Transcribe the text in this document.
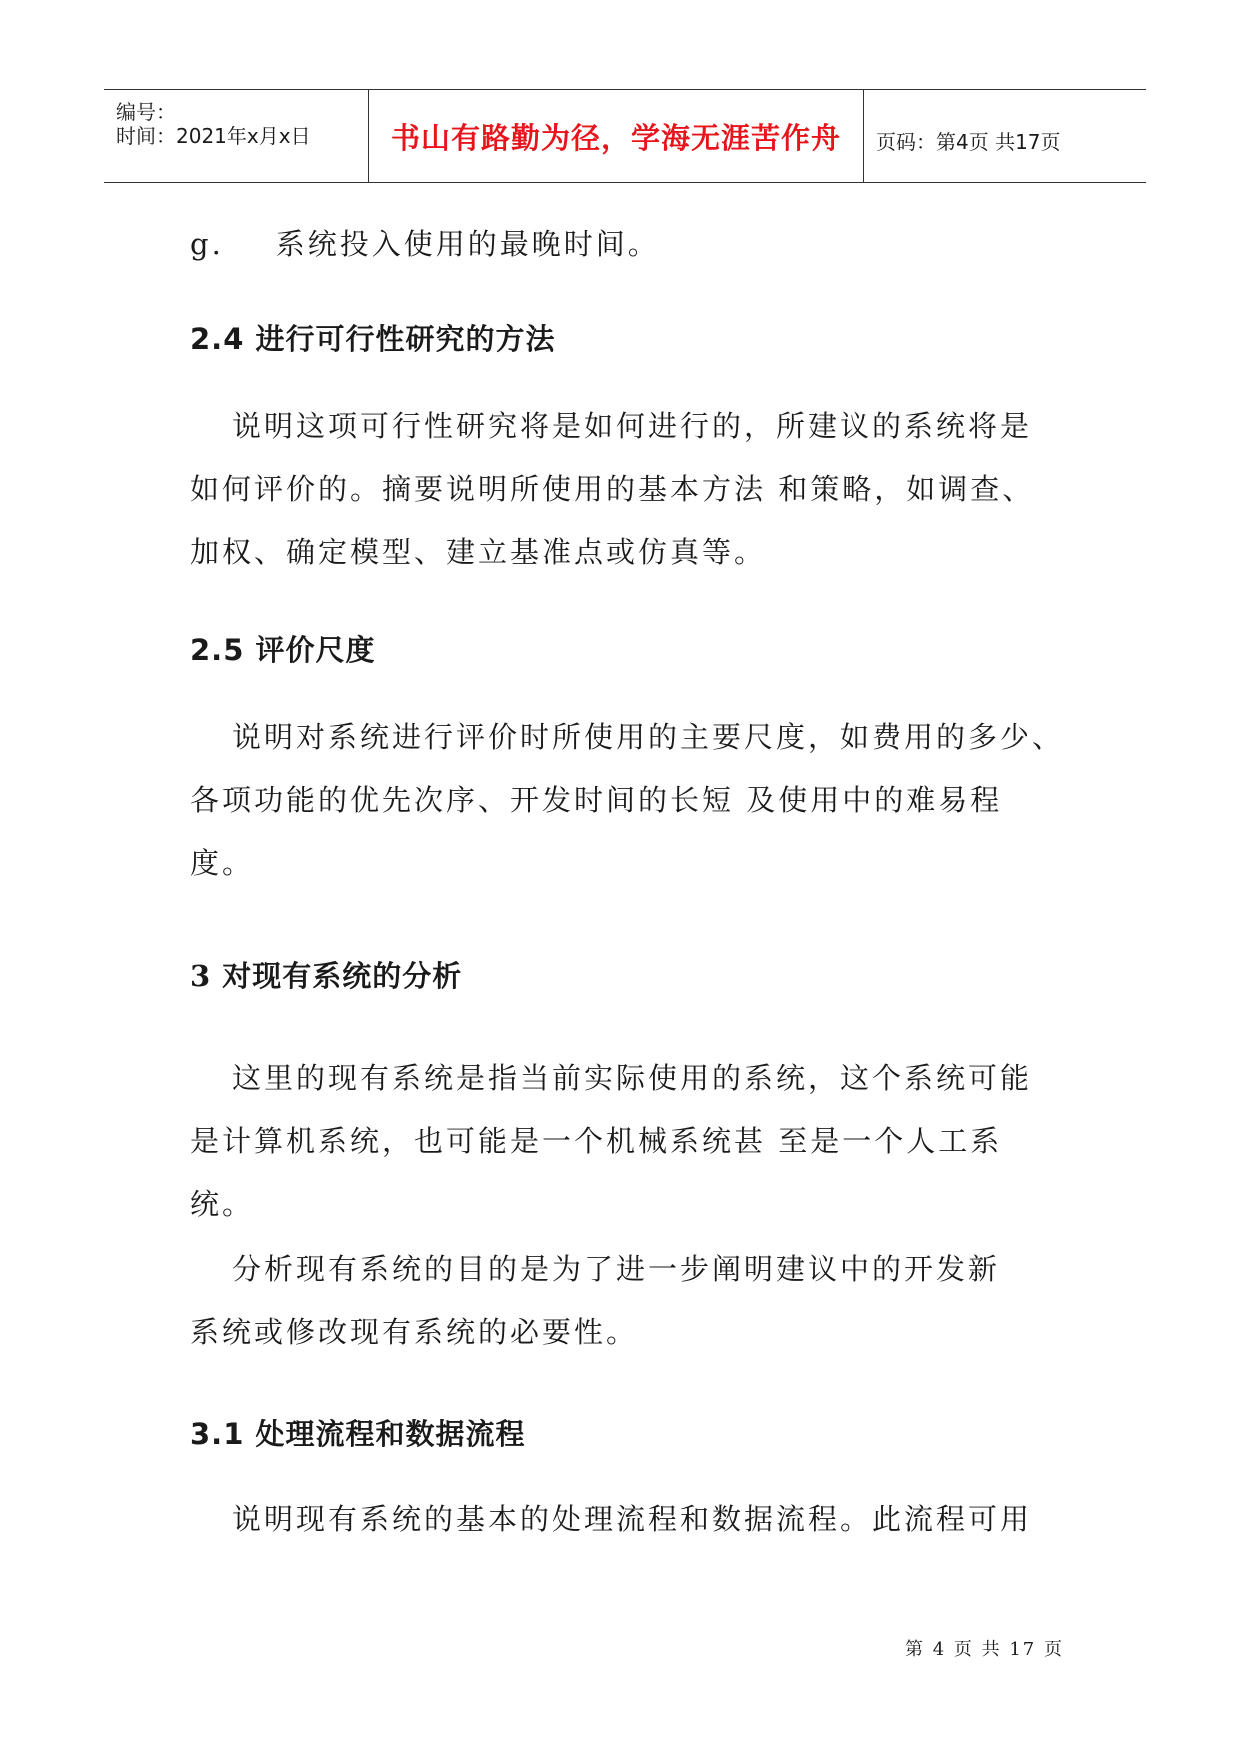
编号：
时间：2021年x月x日	书山有路勤为径，学海无涯苦作舟	页码：第4页 共17页
g. 系统投入使用的最晚时间。
2.4 进行可行性研究的方法
说明这项可行性研究将是如何进行的，所建议的系统将是
如何评价的。摘要说明所使用的基本方法 和策略，如调查、
加权、确定模型、建立基准点或仿真等。
2.5 评价尺度
说明对系统进行评价时所使用的主要尺度，如费用的多少、
各项功能的优先次序、开发时间的长短 及使用中的难易程
度。
3 对现有系统的分析
这里的现有系统是指当前实际使用的系统，这个系统可能
是计算机系统，也可能是一个机械系统甚 至是一个人工系
统。
分析现有系统的目的是为了进一步阐明建议中的开发新
系统或修改现有系统的必要性。
3.1 处理流程和数据流程
说明现有系统的基本的处理流程和数据流程。此流程可用
第 4 页 共 17 页
